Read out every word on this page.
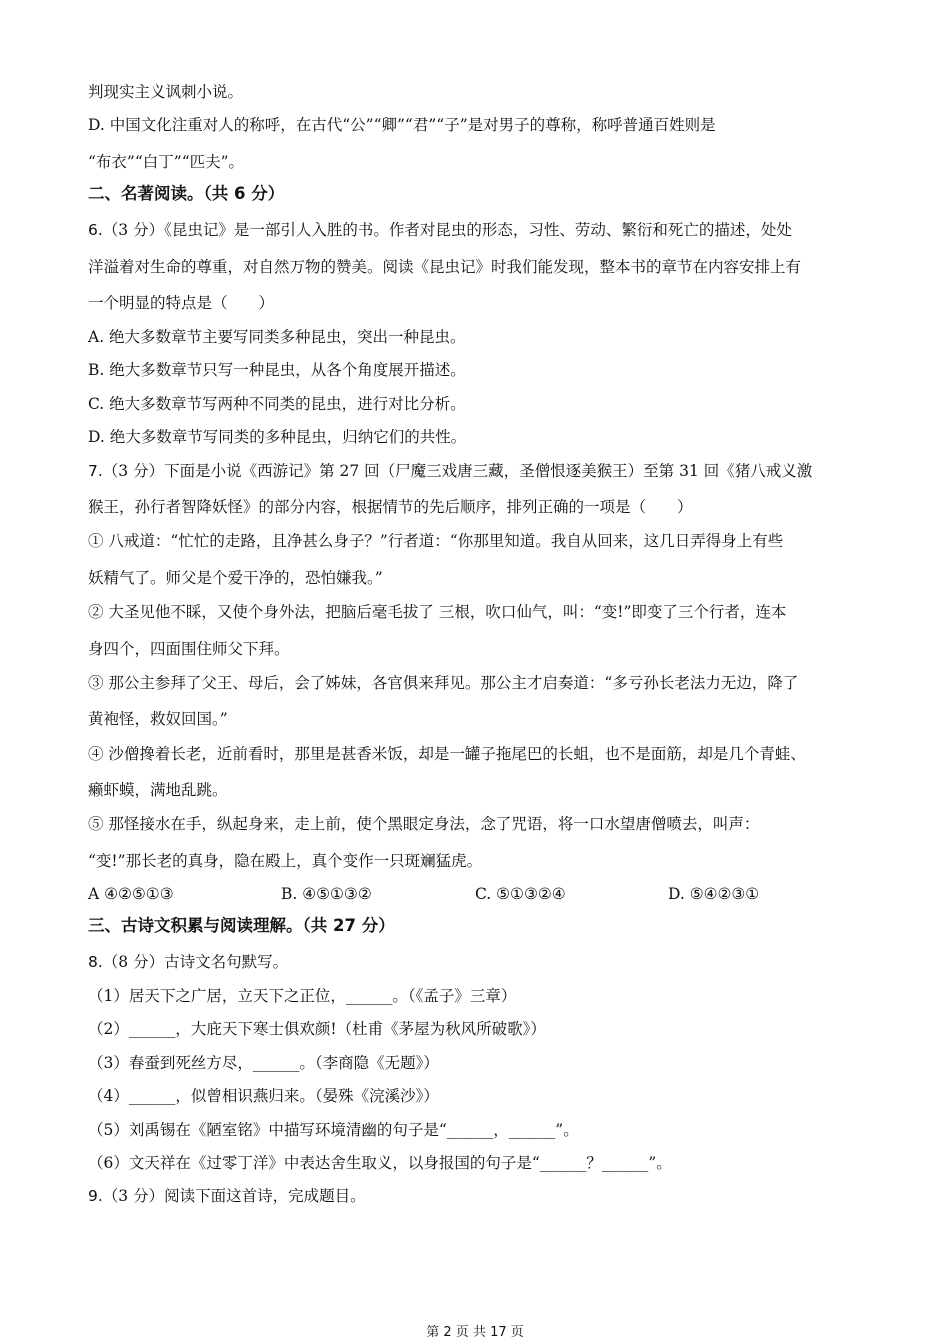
判现实主义讽刺小说。
D. 中国文化注重对人的称呼，在古代“公”“卿”“君”“子”是对男子的尊称，称呼普通百姓则是
“布衣”“白丁”“匹夫”。
二、名著阅读。（共 6 分）
6.（3 分）《昆虫记》是一部引人入胜的书。作者对昆虫的形态，习性、劳动、繁衍和死亡的描述，处处
洋溢着对生命的尊重，对自然万物的赞美。阅读《昆虫记》时我们能发现，整本书的章节在内容安排上有
一个明显的特点是（　　）
A. 绝大多数章节主要写同类多种昆虫，突出一种昆虫。
B. 绝大多数章节只写一种昆虫，从各个角度展开描述。
C. 绝大多数章节写两种不同类的昆虫，进行对比分析。
D. 绝大多数章节写同类的多种昆虫，归纳它们的共性。
7.（3 分）下面是小说《西游记》第 27 回（尸魔三戏唐三藏，圣僧恨逐美猴王）至第 31 回《猪八戒义激
猴王，孙行者智降妖怪》的部分内容，根据情节的先后顺序，排列正确的一项是（　　）
① 八戒道：“忙忙的走路，且净甚么身子？”行者道：“你那里知道。我自从回来，这几日弄得身上有些
妖精气了。师父是个爱干净的，恐怕嫌我。”
② 大圣见他不睬，又使个身外法，把脑后毫毛拔了 三根，吹口仙气，叫：“变!”即变了三个行者，连本
身四个，四面围住师父下拜。
③ 那公主参拜了父王、母后，会了姊妹，各官俱来拜见。那公主才启奏道：“多亏孙长老法力无边，降了
黄袍怪，救奴回国。”
④ 沙僧搀着长老，近前看时，那里是甚香米饭，却是一罐子拖尾巴的长蛆，也不是面筋，却是几个青蛙、
癞虾蟆，满地乱跳。
⑤ 那怪接水在手，纵起身来，走上前，使个黑眼定身法，念了咒语，将一口水望唐僧喷去，叫声：
“变!”那长老的真身，隐在殿上，真个变作一只斑斓猛虎。
A ④②⑤①③	B. ④⑤①③②	C. ⑤①③②④	D. ⑤④②③①
三、古诗文积累与阅读理解。（共 27 分）
8.（8 分）古诗文名句默写。
（1）居天下之广居，立天下之正位，______。（《孟子》三章）
（2）______，大庇天下寒士俱欢颜!（杜甫《茅屋为秋风所破歌》）
（3）春蚕到死丝方尽，______。（李商隐《无题》）
（4）______，似曾相识燕归来。（晏殊《浣溪沙》）
（5）刘禹锡在《陋室铭》中描写环境清幽的句子是“______，______”。
（6）文天祥在《过零丁洋》中表达舍生取义，以身报国的句子是“______？______”。
9.（3 分）阅读下面这首诗，完成题目。
第 2 页 共 17 页
